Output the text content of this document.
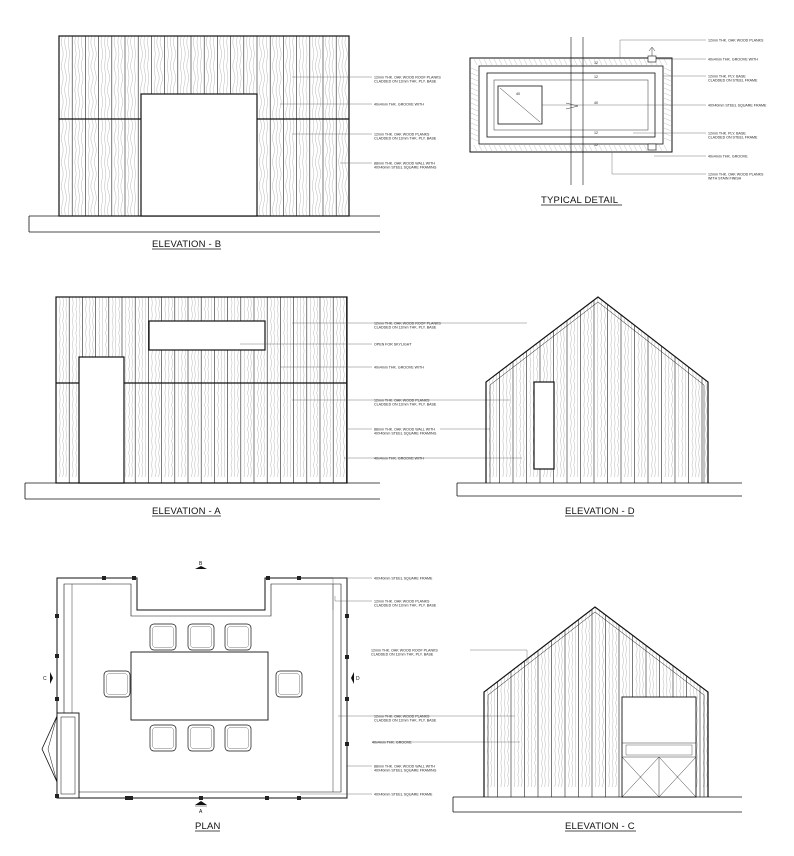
12mm THK. OAK WOOD ROOF PLANKS
CLADDED ON 12mm THK. PLY. BASE
40x4mm THK. GROOVE WITH
12mm THK. OAK WOOD PLANKS
CLADDED ON 12mm THK. PLY. BASE
88mm THK. OAK WOOD WALL WITH
40X40mm STEEL SQUARE FRAMING
ELEVATION - B
40
12
12
40
12
12
12mm THK. OAK WOOD PLANKS
40x4mm THK. GROOVE WITH
12mm THK. PLY. BASE
CLADDED ON STEEL FRAME
40X40mm STEEL SQUARE FRAME
12mm THK. PLY. BASE
CLADDED ON STEEL FRAME
40x4mm THK. GROOVE
12mm THK. OAK WOOD PLANKS
WITH STAIN FINISH
TYPICAL DETAIL
12mm THK. OAK WOOD ROOF PLANKS
CLADDED ON 12mm THK. PLY. BASE
OPEN FOR SKYLIGHT
40x4mm THK. GROOVE WITH
12mm THK. OAK WOOD PLANKS
CLADDED ON 12mm THK. PLY. BASE
88mm THK. OAK WOOD WALL WITH
40X40mm STEEL SQUARE FRAMING
40x4mm THK. GROOVE WITH
ELEVATION - A	ELEVATION - D
B
A
C	D
40X40mm STEEL SQUARE FRAME
12mm THK. OAK WOOD PLANKS
CLADDED ON 12mm THK. PLY. BASE
12mm THK. OAK WOOD PLANKS
CLADDED ON 12mm THK. PLY. BASE
88mm THK. OAK WOOD WALL WITH
40X40mm STEEL SQUARE FRAMING
40X40mm STEEL SQUARE FRAME
PLAN
12mm THK. OAK WOOD ROOF PLANKS
CLADDED ON 12mm THK. PLY. BASE
40x4mm THK. GROOVE
ELEVATION - C
